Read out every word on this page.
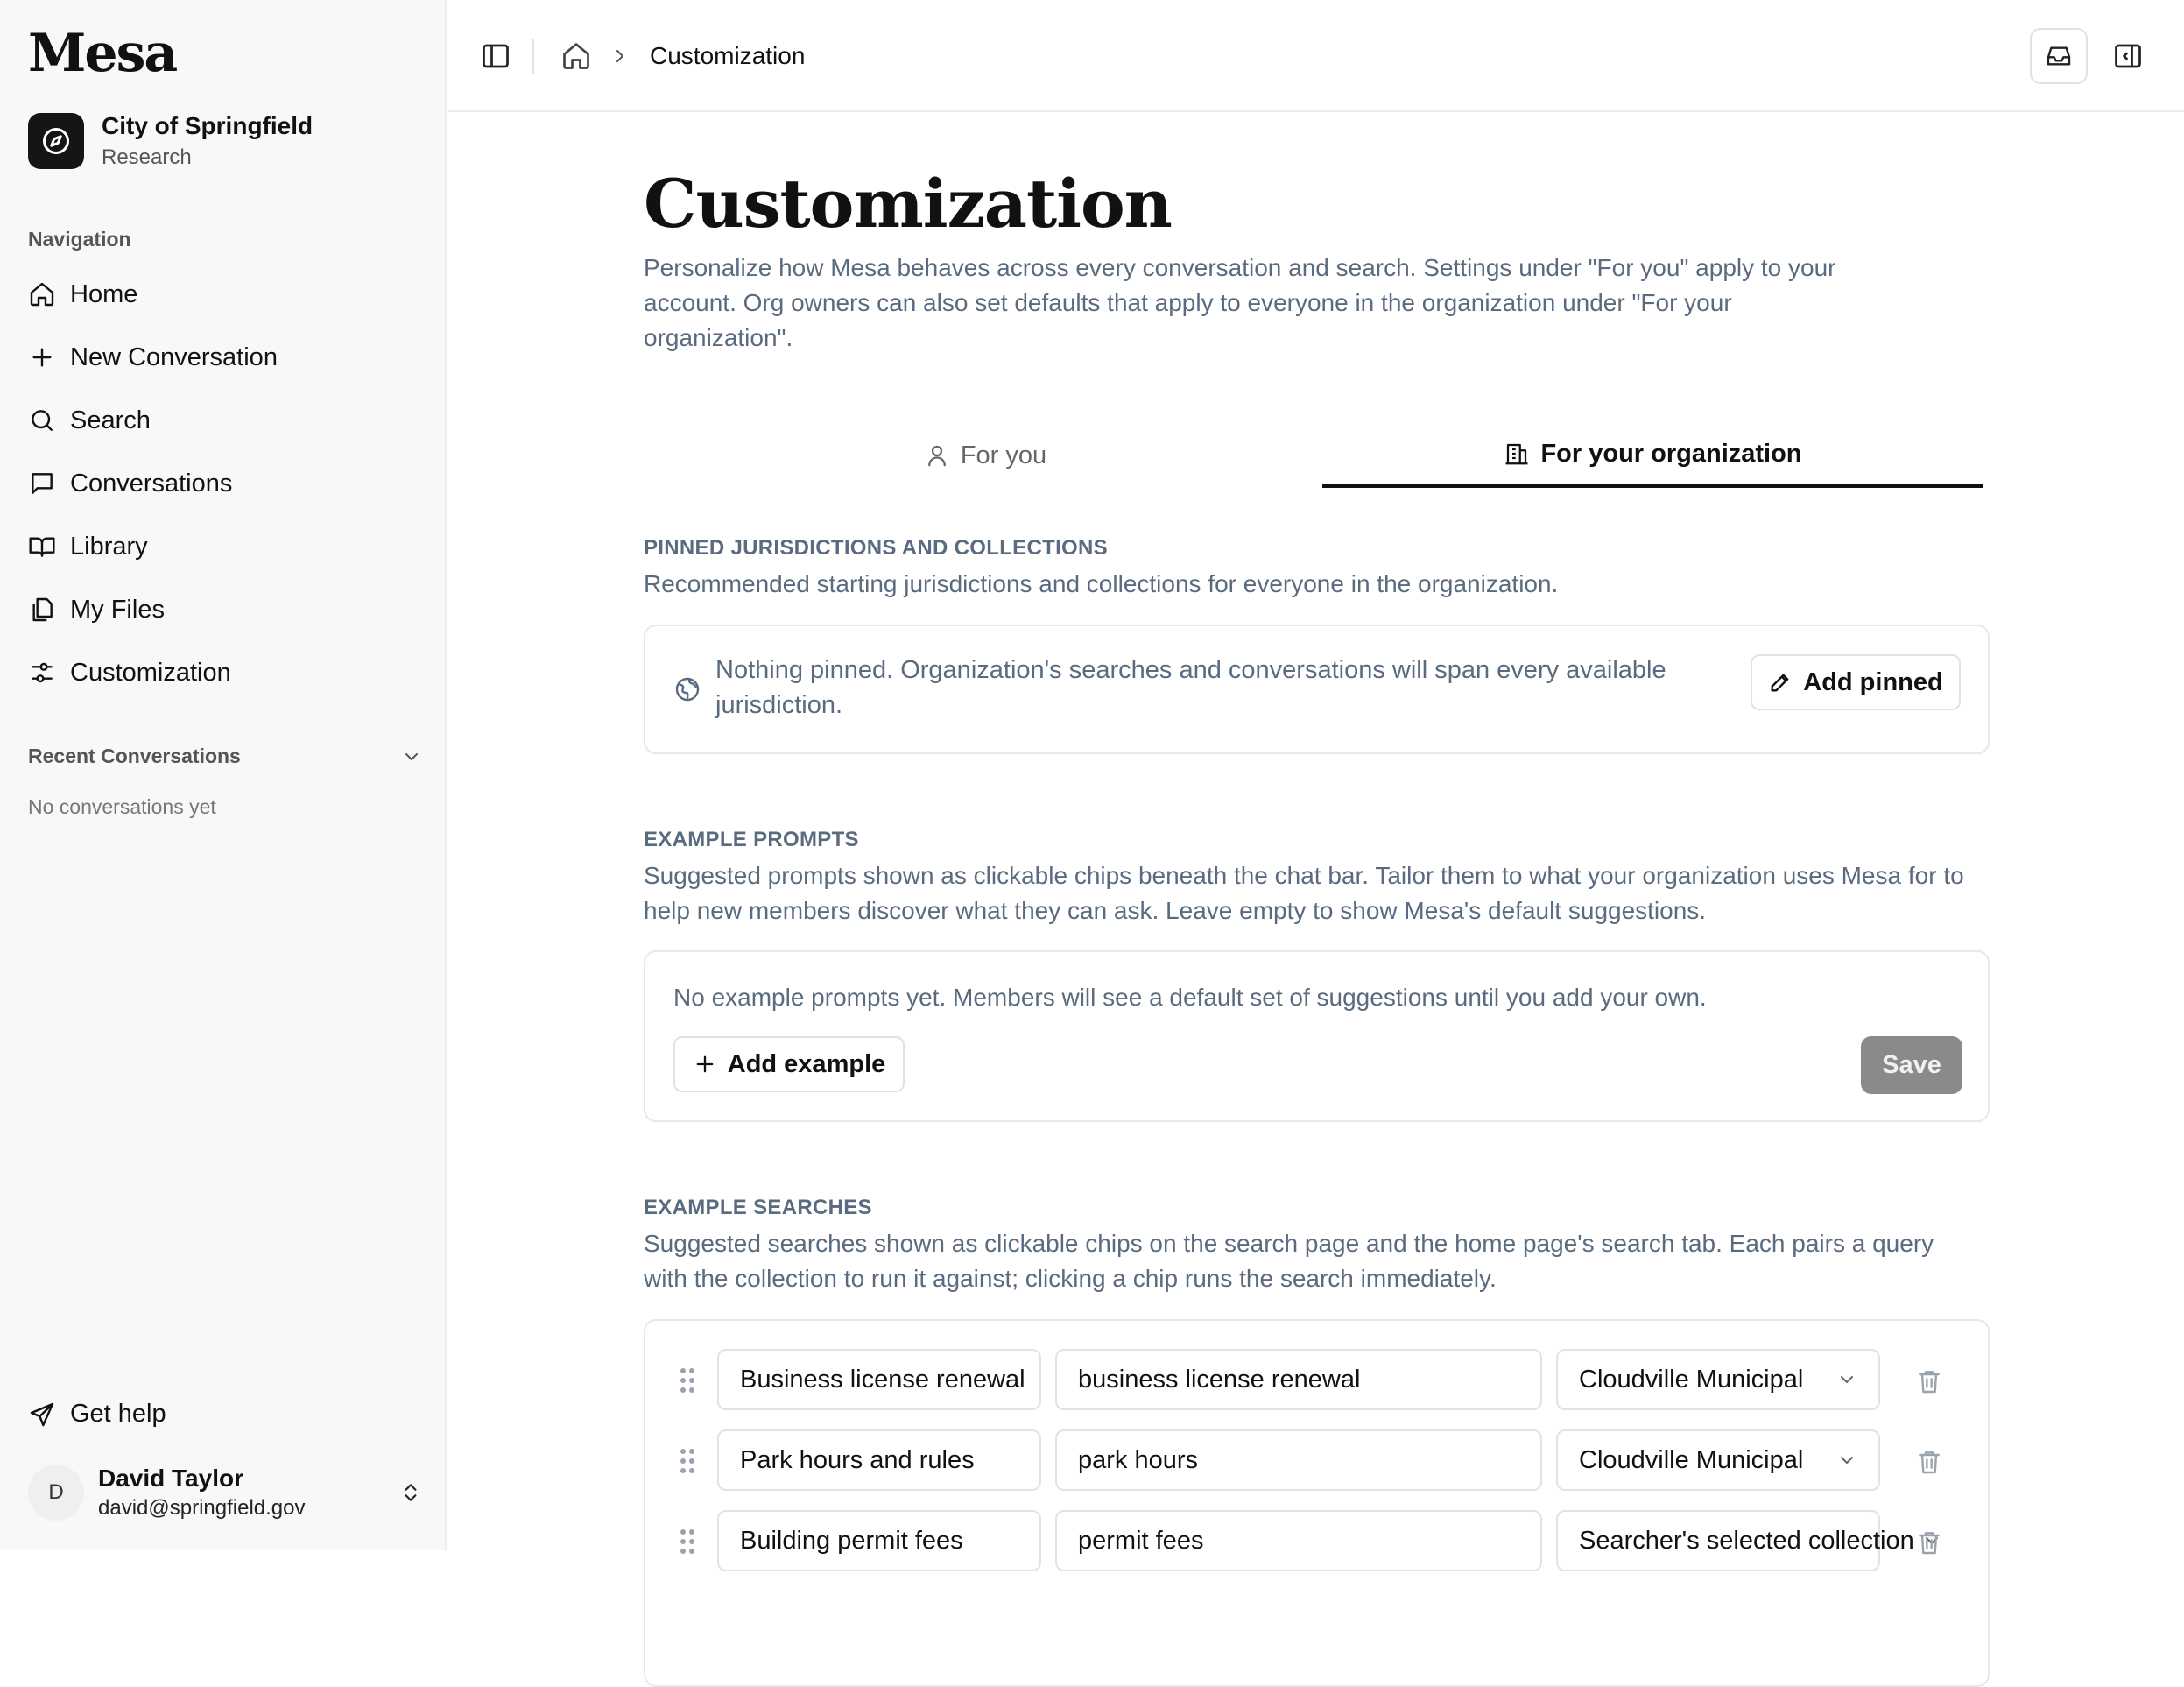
Mesa
City of Springfield
Research
Navigation
Home
New Conversation
Search
Conversations
Library
My Files
Customization
Recent Conversations
No conversations yet
Get help
D
David Taylor
david@springfield.gov
Customization
Customization

Personalize how Mesa behaves across every conversation and search. Settings under "For you" apply to your account. Org owners can also set defaults that apply to everyone in the organization under "For your organization".

For you	For your organization
PINNED JURISDICTIONS AND COLLECTIONS
Recommended starting jurisdictions and collections for everyone in the organization.
Nothing pinned. Organization's searches and conversations will span every available jurisdiction.
Add pinned
EXAMPLE PROMPTS
Suggested prompts shown as clickable chips beneath the chat bar. Tailor them to what your organization uses Mesa for to help new members discover what they can ask. Leave empty to show Mesa's default suggestions.
No example prompts yet. Members will see a default set of suggestions until you add your own.
Add example	Save
EXAMPLE SEARCHES
Suggested searches shown as clickable chips on the search page and the home page's search tab. Each pairs a query with the collection to run it against; clicking a chip runs the search immediately.
Business license renewal	business license renewal	Cloudville Municipal
Park hours and rules	park hours	Cloudville Municipal
Building permit fees	permit fees	Searcher's selected collection
